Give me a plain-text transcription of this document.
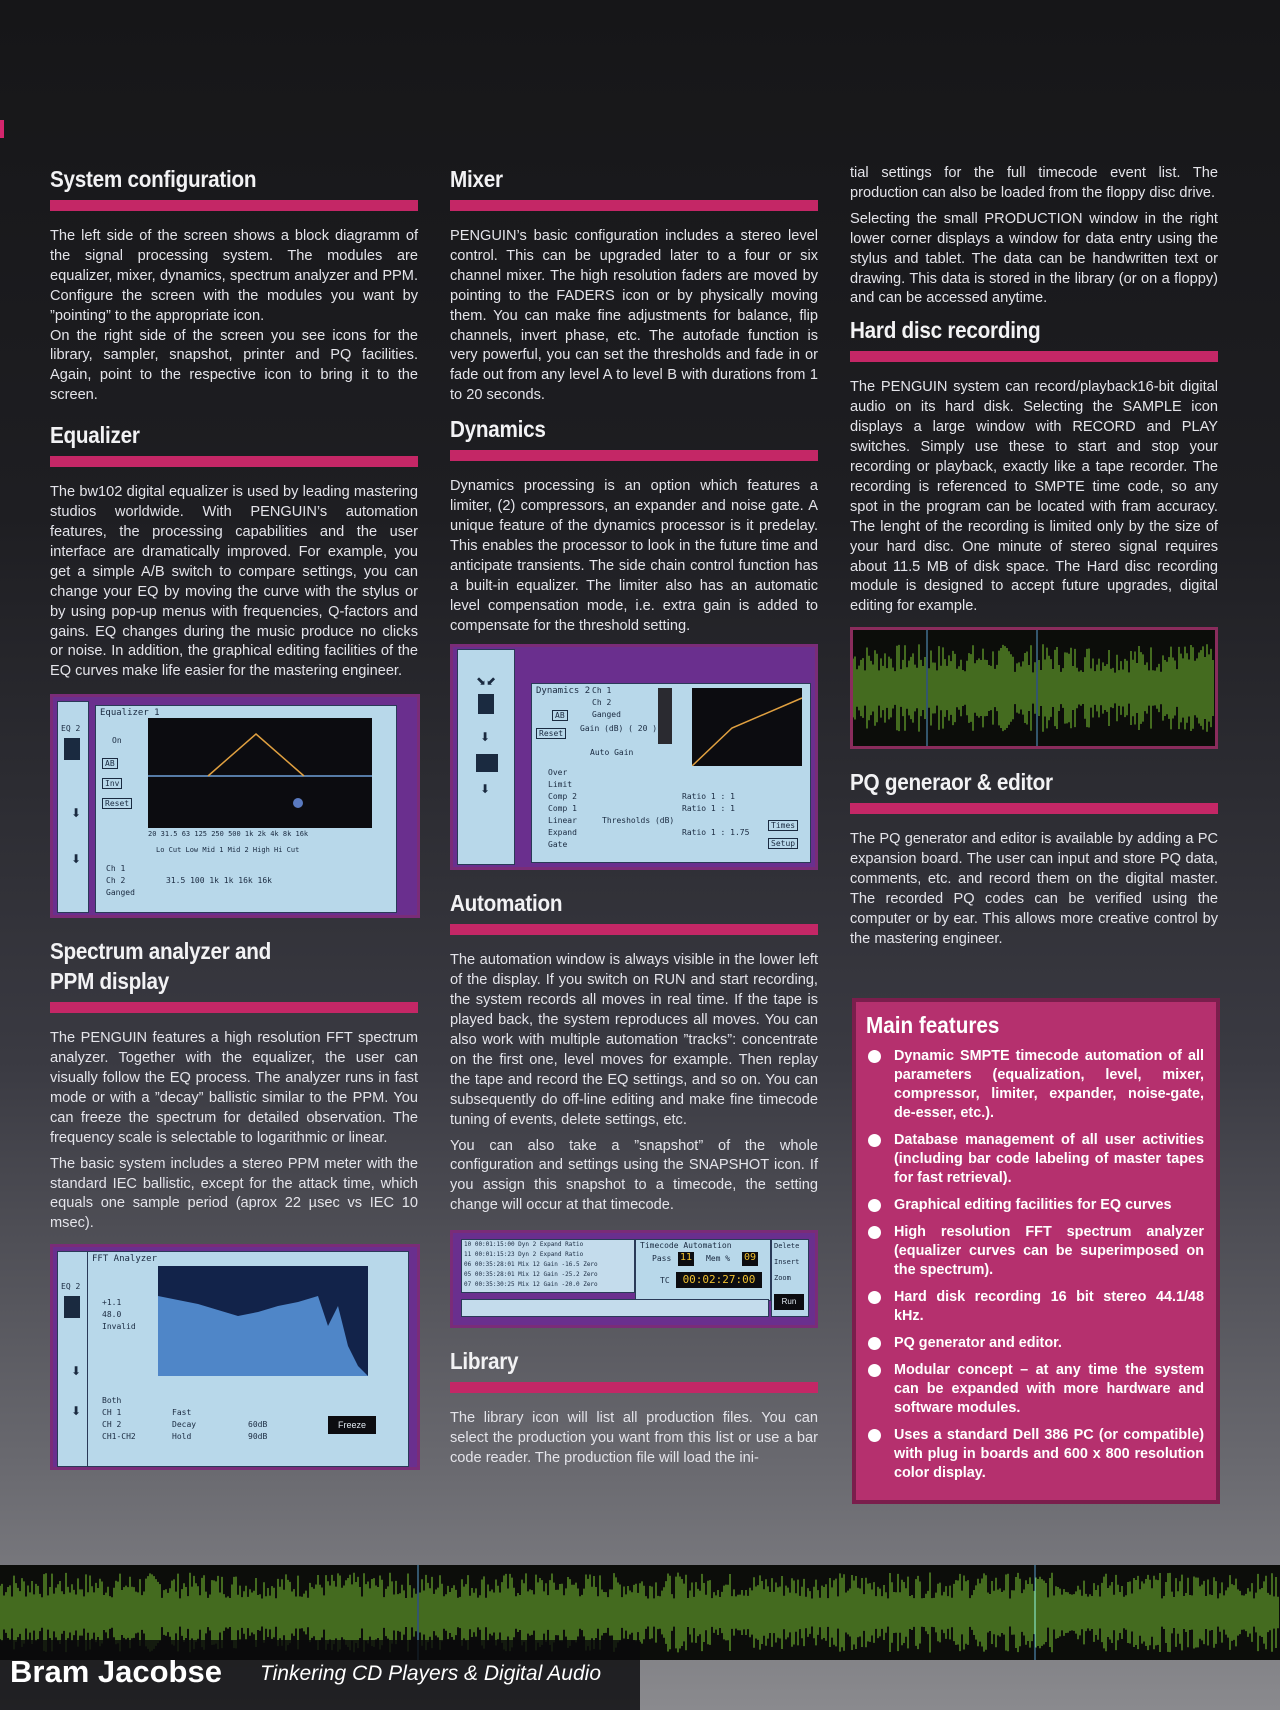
System configuration

The left side of the screen shows a block diagramm of the signal processing system. The modules are equalizer, mixer, dynamics, spectrum analyzer and PPM. Configure the screen with the modules you want by ”pointing” to the appropriate icon.

On the right side of the screen you see icons for the library, sampler, snapshot, printer and PQ facilities. Again, point to the respective icon to bring it to the screen.

Equalizer

The bw102 digital equalizer is used by leading mastering studios worldwide. With PENGUIN’s automation features, the processing capabilities and the user interface are dramatically improved. For example, you get a simple A/B switch to compare settings, you can change your EQ by moving the curve with the stylus or by using pop-up menus with frequencies, Q-factors and gains. EQ changes during the music produce no clicks or noise. In addition, the graphical editing facilities of the EQ curves make life easier for the mastering engineer.

EQ 2
⬇
⬇
Equalizer 1
On
AB
Inv
Reset
20 31.5 63 125 250 500 1k 2k 4k 8k 16k
Lo Cut Low Mid 1 Mid 2 High Hi Cut
Ch 1
Ch 2
Ganged
31.5 100 1k 1k 16k 16k
Spectrum analyzer and
PPM display

The PENGUIN features a high resolution FFT spectrum analyzer. Together with the equalizer, the user can visually follow the EQ process. The analyzer runs in fast mode or with a ”decay” ballistic similar to the PPM. You can freeze the spectrum for detailed observation. The frequency scale is selectable to logarithmic or linear.

The basic system includes a stereo PPM meter with the standard IEC ballistic, except for the attack time, which equals one sample period (aprox 22 µsec vs IEC 10 msec).

EQ 2
⬇
⬇
FFT Analyzer
+1.1
48.0
Invalid
Both
CH 1
CH 2
CH1-CH2
Fast
Decay
Hold
60dB
90dB
Freeze
Mixer

PENGUIN’s basic configuration includes a stereo level control. This can be upgraded later to a four or six channel mixer. The high resolution faders are moved by pointing to the FADERS icon or by physically moving them. You can make fine adjustments for balance, flip channels, invert phase, etc. The autofade function is very powerful, you can set the thresholds and fade in or fade out from any level A to level B with durations from 1 to 20 seconds.

Dynamics

Dynamics processing is an option which features a limiter, (2) compressors, an expander and noise gate. A unique feature of the dynamics processor is it predelay. This enables the processor to look in the future time and anticipate transients. The side chain control function has a built-in equalizer. The limiter also has an automatic level compensation mode, i.e. extra gain is added to compensate for the threshold setting.

⬊⬋
⬇
⬇
Dynamics 2 Ch 1
Ch 2
Ganged
AB
Reset
Gain (dB) ( 20 )
Auto Gain
Over
Limit
Comp 2
Comp 1
Linear
Expand
Gate
Thresholds (dB)
Ratio 1 : 1
Ratio 1 : 1
Ratio 1 : 1.75
Times
Setup
Automation

The automation window is always visible in the lower left of the display. If you switch on RUN and start recording, the system records all moves in real time. If the tape is played back, the system reproduces all moves. You can also work with multiple automation ”tracks”: concentrate on the first one, level moves for example. Then replay the tape and record the EQ settings, and so on. You can subsequently do off-line editing and make fine timecode tuning of events, delete settings, etc.

You can also take a ”snapshot” of the whole configuration and settings using the SNAPSHOT icon. If you assign this snapshot to a timecode, the setting change will occur at that timecode.

10 00:01:15:00 Dyn 2 Expand Ratio
11 00:01:15:23 Dyn 2 Expand Ratio
06 00:35:28:01 Mix 12 Gain -16.5 Zero
05 00:35:28:01 Mix 12 Gain -25.2 Zero
07 00:35:30:25 Mix 12 Gain -20.0 Zero
Timecode Automation
Pass 11 Mem % 09
TC	00:02:27:00
Delete
Insert
Zoom
Run
Library

The library icon will list all production files. You can select the production you want from this list or use a bar code reader. The production file will load the ini-

tial settings for the full timecode event list. The production can also be loaded from the floppy disc drive.

Selecting the small PRODUCTION window in the right lower corner displays a window for data entry using the stylus and tablet. The data can be handwritten text or drawing. This data is stored in the library (or on a floppy) and can be accessed anytime.

Hard disc recording

The PENGUIN system can record/playback16-bit digital audio on its hard disk. Selecting the SAMPLE icon displays a large window with RECORD and PLAY switches. Simply use these to start and stop your recording or playback, exactly like a tape recorder. The recording is referenced to SMPTE time code, so any spot in the program can be located with fram accuracy. The lenght of the recording is limited only by the size of your hard disc. One minute of stereo signal requires about 11.5 MB of disk space. The Hard disc recording module is designed to accept future upgrades, digital editing for example.

PQ generaor & editor

The PQ generator and editor is available by adding a PC expansion board. The user can input and store PQ data, comments, etc. and record them on the digital master. The recorded PQ codes can be verified using the computer or by ear. This allows more creative control by the mastering engineer.

Main features
Dynamic SMPTE timecode automation of all parameters (equalization, level, mixer, compressor, limiter, expander, noise-gate, de-esser, etc.).
Database management of all user activities (including bar code labeling of master tapes for fast retrieval).
Graphical editing facilities for EQ curves
High resolution FFT spectrum analyzer (equalizer curves can be superimposed on the spectrum).
Hard disk recording 16 bit stereo 44.1/48 kHz.
PQ generator and editor.
Modular concept – at any time the system can be expanded with more hardware and software modules.
Uses a standard Dell 386 PC (or compatible) with plug in boards and 600 x 800 resolution color display.
Bram Jacobse Tinkering CD Players & Digital Audio
